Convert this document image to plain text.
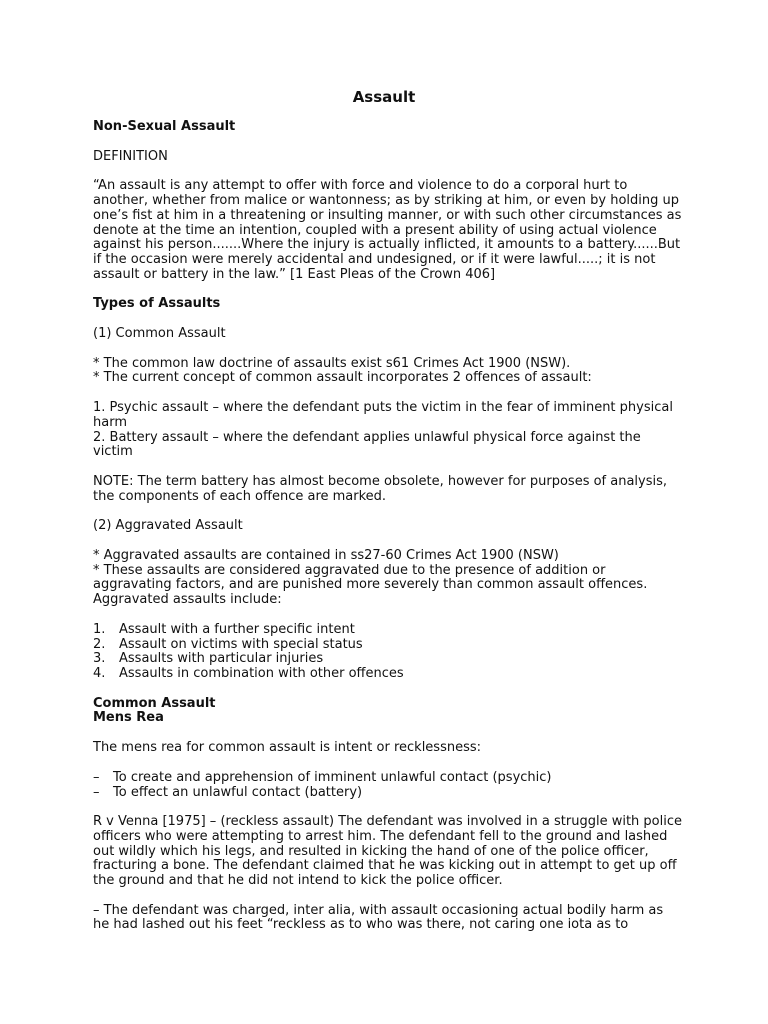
Assault

Non-Sexual Assault

DEFINITION

“An assault is any attempt to offer with force and violence to do a corporal hurt to another, whether from malice or wantonness; as by striking at him, or even by holding up one’s fist at him in a threatening or insulting manner, or with such other circumstances as denote at the time an intention, coupled with a present ability of using actual violence against his person.......Where the injury is actually inflicted, it amounts to a battery......But if the occasion were merely accidental and undesigned, or if it were lawful.....; it is not assault or battery in the law.” [1 East Pleas of the Crown 406]

Types of Assaults

(1) Common Assault

* The common law doctrine of assaults exist s61 Crimes Act 1900 (NSW).

* The current concept of common assault incorporates 2 offences of assault:

1. Psychic assault – where the defendant puts the victim in the fear of imminent physical harm

2. Battery assault – where the defendant applies unlawful physical force against the victim

NOTE: The term battery has almost become obsolete, however for purposes of analysis, the components of each offence are marked.

(2) Aggravated Assault

* Aggravated assaults are contained in ss27-60 Crimes Act 1900 (NSW)

* These assaults are considered aggravated due to the presence of addition or aggravating factors, and are punished more severely than common assault offences. Aggravated assaults include:

1.	Assault with a further specific intent
2.	Assault on victims with special status
3.	Assaults with particular injuries
4.	Assaults in combination with other offences

Common Assault

Mens Rea

The mens rea for common assault is intent or recklessness:

–	To create and apprehension of imminent unlawful contact (psychic)
–	To effect an unlawful contact (battery)

R v Venna [1975] – (reckless assault) The defendant was involved in a struggle with police officers who were attempting to arrest him. The defendant fell to the ground and lashed out wildly which his legs, and resulted in kicking the hand of one of the police officer, fracturing a bone. The defendant claimed that he was kicking out in attempt to get up off the ground and that he did not intend to kick the police officer.

– The defendant was charged, inter alia, with assault occasioning actual bodily harm as he had lashed out his feet “reckless as to who was there, not caring one iota as to
